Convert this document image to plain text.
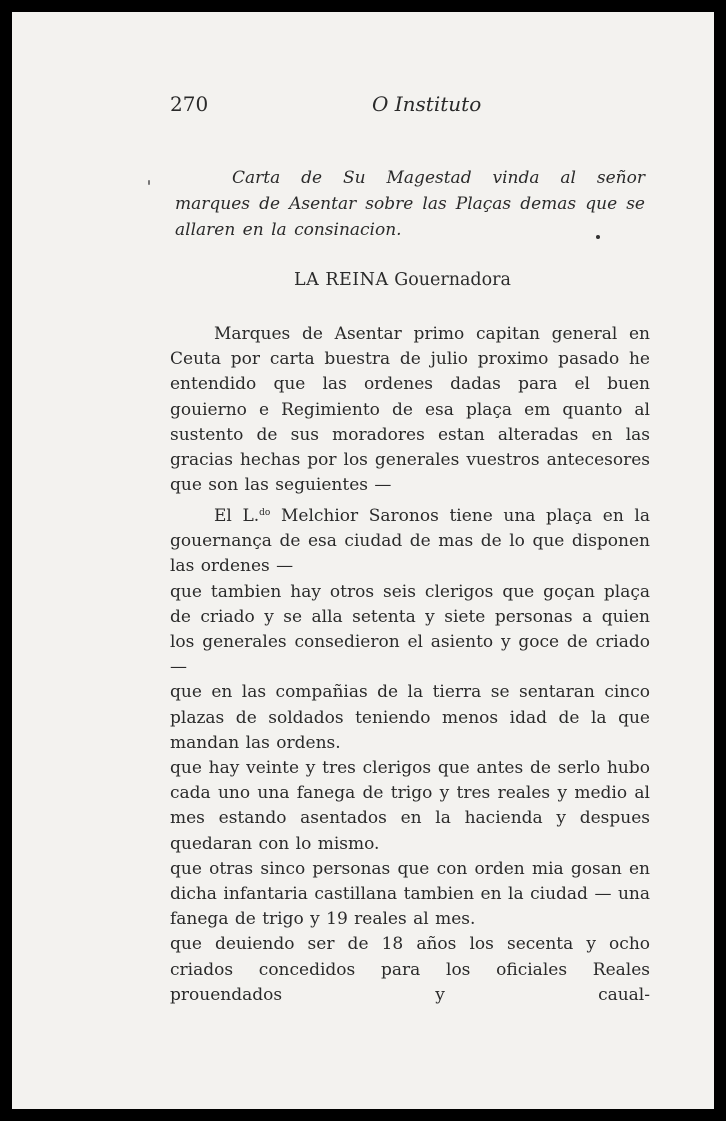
270	O Instituto
Carta de Su Magestad vinda al señor marques de Asentar sobre las Plaças demas que se allaren en la consinacion.
LA REINA Gouernadora
Marques de Asentar primo capitan general en Ceuta por carta buestra de julio proximo pasado he entendido que las ordenes dadas para el buen gouierno e Regimiento de esa plaça em quanto al sustento de sus moradores estan alteradas en las gracias hechas por los generales vuestros antecesores que son las seguientes —

El L.$^{do}$ Melchior Saronos tiene una plaça en la gouernança de esa ciudad de mas de lo que disponen las ordenes —

que tambien hay otros seis clerigos que goçan plaça de criado y se alla setenta y siete personas a quien los generales consedieron el asiento y goce de criado —

que en las compañias de la tierra se sentaran cinco plazas de soldados teniendo menos idad de la que mandan las ordens.

que hay veinte y tres clerigos que antes de serlo hubo cada uno una fanega de trigo y tres reales y medio al mes estando asentados en la hacienda y despues quedaran con lo mismo.

que otras sinco personas que con orden mia gosan en dicha infantaria castillana tambien en la ciudad — una fanega de trigo y 19 reales al mes.

que deuiendo ser de 18 años los secenta y ocho criados concedidos para los oficiales Reales prouendados y caual-
